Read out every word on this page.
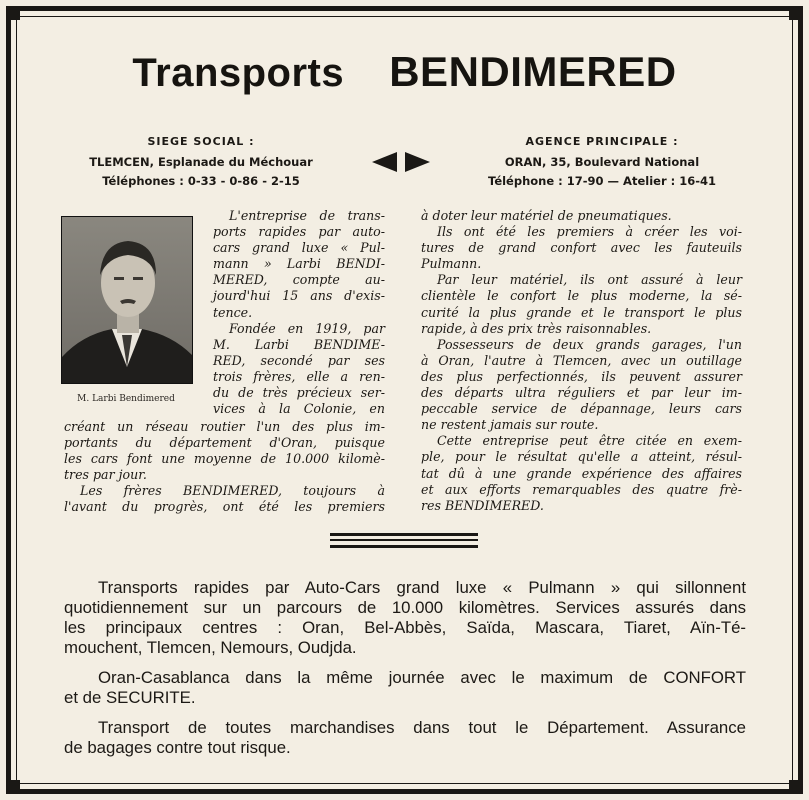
Transports BENDIMERED
SIEGE SOCIAL :
TLEMCEN, Esplanade du Méchouar
Téléphones : 0-33 - 0-86 - 2-15
AGENCE PRINCIPALE :
ORAN, 35, Boulevard National
Téléphone : 17-90 — Atelier : 16-41
M. Larbi Bendimered
L'entreprise de trans-
ports rapides par auto-
cars grand luxe « Pul-
mann » Larbi BENDI-
MERED, compte au-
jourd'hui 15 ans d'exis-
tence.
Fondée en 1919, par
M. Larbi BENDIME-
RED, secondé par ses
trois frères, elle a ren-
du de très précieux ser-
vices à la Colonie, en
créant un réseau routier l'un des plus im-
portants du département d'Oran, puisque
les cars font une moyenne de 10.000 kilomè-
tres par jour.
Les frères BENDIMERED, toujours à
l'avant du progrès, ont été les premiers
à doter leur matériel de pneumatiques.
Ils ont été les premiers à créer les voi-
tures de grand confort avec les fauteuils
Pulmann.
Par leur matériel, ils ont assuré à leur
clientèle le confort le plus moderne, la sé-
curité la plus grande et le transport le plus
rapide, à des prix très raisonnables.
Possesseurs de deux grands garages, l'un
à Oran, l'autre à Tlemcen, avec un outillage
des plus perfectionnés, ils peuvent assurer
des départs ultra réguliers et par leur im-
peccable service de dépannage, leurs cars
ne restent jamais sur route.
Cette entreprise peut être citée en exem-
ple, pour le résultat qu'elle a atteint, résul-
tat dû à une grande expérience des affaires
et aux efforts remarquables des quatre frè-
res BENDIMERED.
Transports rapides par Auto-Cars grand luxe « Pulmann » qui sillonnent
quotidiennement sur un parcours de 10.000 kilomètres. Services assurés dans
les principaux centres : Oran, Bel-Abbès, Saïda, Mascara, Tiaret, Aïn-Té-
mouchent, Tlemcen, Nemours, Oudjda.
Oran-Casablanca dans la même journée avec le maximum de CONFORT
et de SECURITE.
Transport de toutes marchandises dans tout le Département. Assurance
de bagages contre tout risque.
